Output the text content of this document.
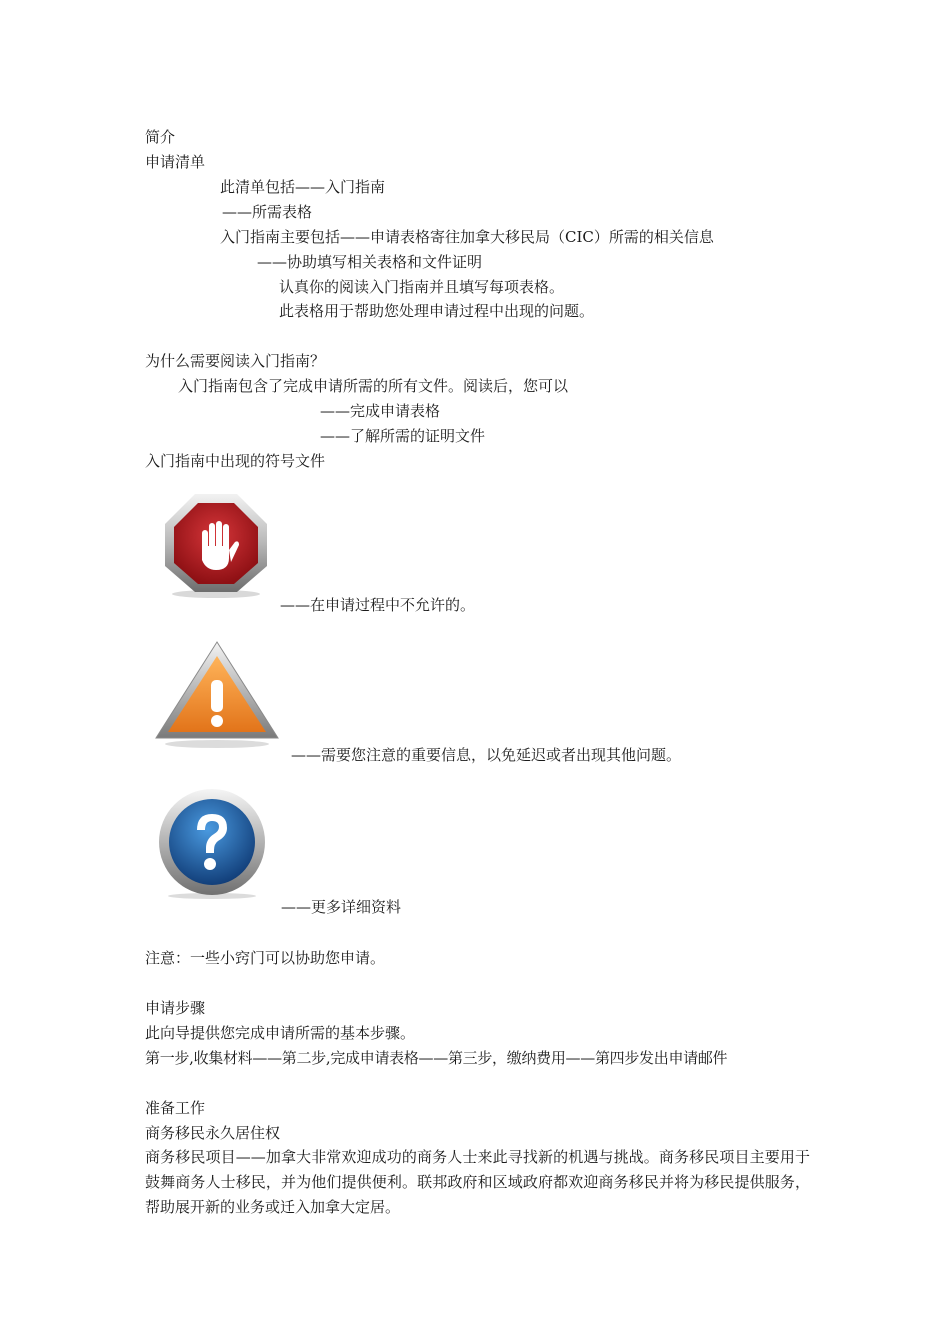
简介
申请清单
此清单包括——入门指南
——所需表格
入门指南主要包括——申请表格寄往加拿大移民局（CIC）所需的相关信息
——协助填写相关表格和文件证明
认真你的阅读入门指南并且填写每项表格。
此表格用于帮助您处理申请过程中出现的问题。
为什么需要阅读入门指南？
入门指南包含了完成申请所需的所有文件。阅读后，您可以
——完成申请表格
——了解所需的证明文件
入门指南中出现的符号文件
——在申请过程中不允许的。
——需要您注意的重要信息，以免延迟或者出现其他问题。
——更多详细资料
注意：一些小窍门可以协助您申请。
申请步骤
此向导提供您完成申请所需的基本步骤。
第一步,收集材料——第二步,完成申请表格——第三步，缴纳费用——第四步发出申请邮件
准备工作
商务移民永久居住权
商务移民项目——加拿大非常欢迎成功的商务人士来此寻找新的机遇与挑战。商务移民项目主要用于鼓舞商务人士移民，并为他们提供便利。联邦政府和区域政府都欢迎商务移民并将为移民提供服务，帮助展开新的业务或迁入加拿大定居。
